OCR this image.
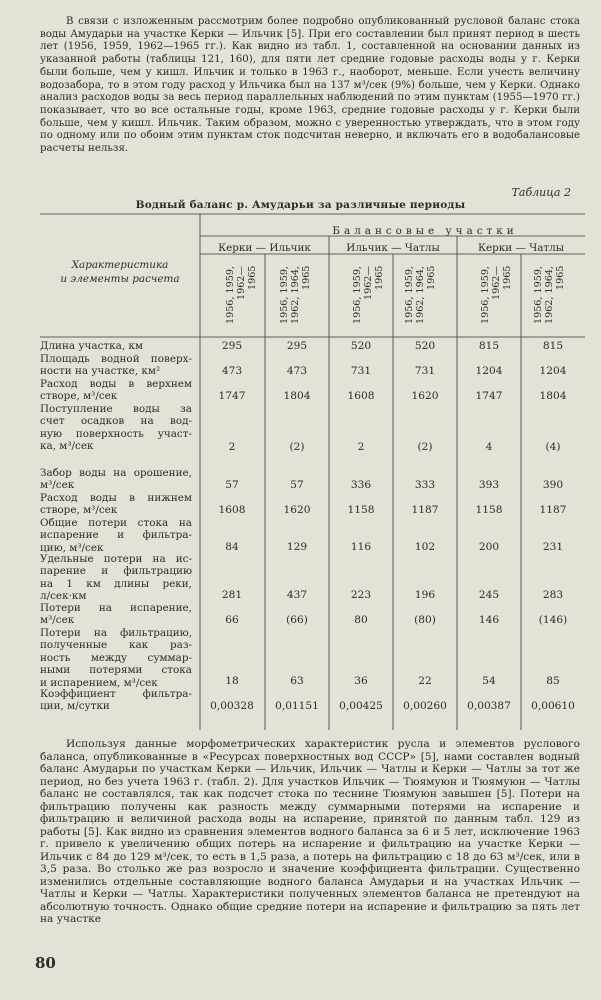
В связи с изложенным рассмотрим более подробно опубликованный русловой баланс стока воды Амударьи на участке Керки — Ильчик [5]. При его составлении был принят период в шесть лет (1956, 1959, 1962—1965 гг.). Как видно из табл. 1, составленной на основании данных из указанной работы (таблицы 121, 160), для пяти лет средние годовые расходы воды у г. Керки были больше, чем у кишл. Ильчик и только в 1963 г., наоборот, меньше. Если учесть величину водозабора, то в этом году расход у Ильчика был на 137 м³/сек (9%) больше, чем у Керки. Однако анализ расходов воды за весь период параллельных наблюдений по этим пунктам (1955—1970 гг.) показывает, что во все остальные годы, кроме 1963, средние годовые расходы у г. Керки были больше, чем у кишл. Ильчик. Таким образом, можно с уверенностью утверждать, что в этом году по одному или по обоим этим пунктам сток подсчитан неверно, и включать его в водобалансовые расчеты нельзя.

Таблица 2
Водный баланс р. Амударьи за различные периоды
Характеристика
и элементы расчета
Балансовые участки
Керки — Ильчик	Ильчик — Чатлы	Керки — Чатлы
1956, 1959, 1962—1965 1956, 1959, 1962, 1964, 1965	1956, 1959, 1962—1965 1956, 1959, 1962, 1964, 1965	1956, 1959, 1962—1965 1956, 1959, 1962, 1964, 1965
Длина участка, км	295	295	520	520	815	815
Площадь водной поверх-
ности на участке, км²	473	473	731	731	1204	1204
Расход воды в верхнем
створе, м³/сек	1747	1804	1608	1620	1747	1804
Поступление воды за
счет осадков на вод-
ную поверхность участ-
ка, м³/сек	2	(2)	2	(2)	4	(4)
Забор воды на орошение,
м³/сек	57	57	336	333	393	390
Расход воды в нижнем
створе, м³/сек	1608	1620	1158	1187	1158	1187
Общие потери стока на
испарение и фильтра-
цию, м³/сек	84	129	116	102	200	231
Удельные потери на ис-
парение и фильтрацию
на 1 км длины реки,
л/сек·км	281	437	223	196	245	283
Потери на испарение,
м³/сек	66	(66)	80	(80)	146	(146)
Потери на фильтрацию,
полученные как раз-
ность между суммар-
ными потерями стока
и испарением, м³/сек	18	63	36	22	54	85
Коэффициент фильтра-
ции, м/сутки	0,00328	0,01151	0,00425	0,00260	0,00387	0,00610

Используя данные морфометрических характеристик русла и элементов руслового баланса, опубликованные в «Ресурсах поверхностных вод СССР» [5], нами составлен водный баланс Амударьи по участкам Керки — Ильчик, Ильчик — Чатлы и Керки — Чатлы за тот же период, но без учета 1963 г. (табл. 2). Для участков Ильчик — Тюямуюн и Тюямуюн — Чатлы баланс не составлялся, так как подсчет стока по теснине Тюямуюн завышен [5]. Потери на фильтрацию получены как разность между суммарными потерями на испарение и фильтрацию и величиной расхода воды на испарение, принятой по данным табл. 129 из работы [5]. Как видно из сравнения элементов водного баланса за 6 и 5 лет, исключение 1963 г. привело к увеличению общих потерь на испарение и фильтрацию на участке Керки — Ильчик с 84 до 129 м³/сек, то есть в 1,5 раза, а потерь на фильтрацию с 18 до 63 м³/сек, или в 3,5 раза. Во столько же раз возросло и значение коэффициента фильтрации. Существенно изменились отдельные составляющие водного баланса Амударьи и на участках Ильчик — Чатлы и Керки — Чатлы. Характеристики полученных элементов баланса не претендуют на абсолютную точность. Однако общие средние потери на испарение и фильтрацию за пять лет на участке

80
